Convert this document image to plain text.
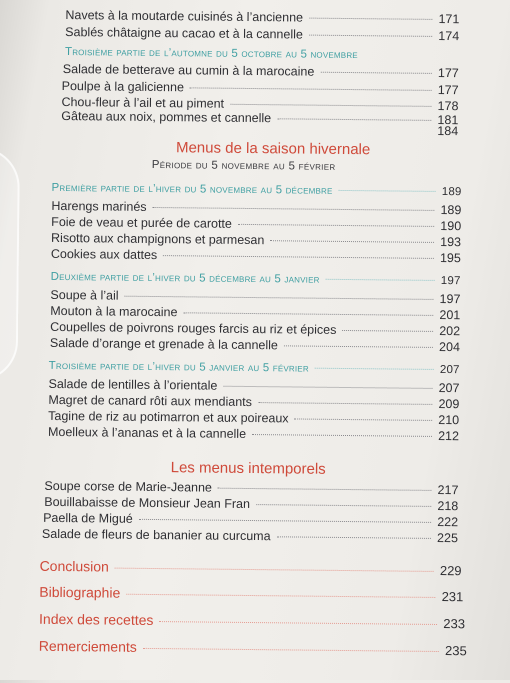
Navets à la moutarde cuisinés à l’ancienne	171
Sablés châtaigne au cacao et à la cannelle	174
Troisième partie de l’automne du 5 octobre au 5 novembre
Salade de betterave au cumin à la marocaine	177
Poulpe à la galicienne	177
Chou-fleur à l’ail et au piment	178
Gâteau aux noix, pommes et cannelle	181
184
Menus de la saison hivernale
Période du 5 novembre au 5 février
Première partie de l’hiver du 5 novembre au 5 décembre	189
Harengs marinés	189
Foie de veau et purée de carotte	190
Risotto aux champignons et parmesan	193
Cookies aux dattes	195
Deuxième partie de l’hiver du 5 décembre au 5 janvier	197
Soupe à l’ail	197
Mouton à la marocaine	201
Coupelles de poivrons rouges farcis au riz et épices	202
Salade d’orange et grenade à la cannelle	204
Troisième partie de l’hiver du 5 janvier au 5 février	207
Salade de lentilles à l’orientale	207
Magret de canard rôti aux mendiants	209
Tagine de riz au potimarron et aux poireaux	210
Moelleux à l’ananas et à la cannelle	212
Les menus intemporels
Soupe corse de Marie-Jeanne	217
Bouillabaisse de Monsieur Jean Fran	218
Paella de Migué	222
Salade de fleurs de bananier au curcuma	225
Conclusion	229
Bibliographie	231
Index des recettes	233
Remerciements	235
